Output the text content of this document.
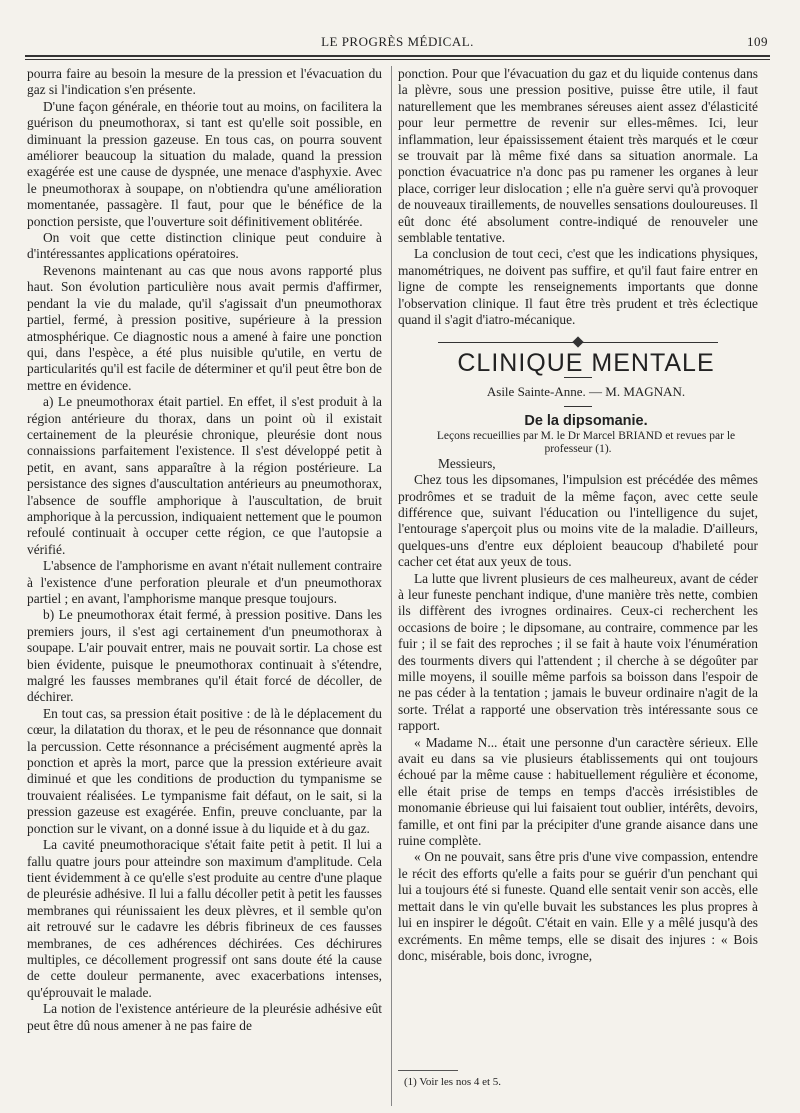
LE PROGRÈS MÉDICAL.	109

pourra faire au besoin la mesure de la pression et l'évacuation du gaz si l'indication s'en présente.

D'une façon générale, en théorie tout au moins, on facilitera la guérison du pneumothorax, si tant est qu'elle soit possible, en diminuant la pression gazeuse. En tous cas, on pourra souvent améliorer beaucoup la situation du malade, quand la pression exagérée est une cause de dyspnée, une menace d'asphyxie. Avec le pneumothorax à soupape, on n'obtiendra qu'une amélioration momentanée, passagère. Il faut, pour que le bénéfice de la ponction persiste, que l'ouverture soit définitivement oblitérée.

On voit que cette distinction clinique peut conduire à d'intéressantes applications opératoires.

Revenons maintenant au cas que nous avons rapporté plus haut. Son évolution particulière nous avait permis d'affirmer, pendant la vie du malade, qu'il s'agissait d'un pneumothorax partiel, fermé, à pression positive, supérieure à la pression atmosphérique. Ce diagnostic nous a amené à faire une ponction qui, dans l'espèce, a été plus nuisible qu'utile, en vertu de particularités qu'il est facile de déterminer et qu'il peut être bon de mettre en évidence.

a) Le pneumothorax était partiel. En effet, il s'est produit à la région antérieure du thorax, dans un point où il existait certainement de la pleurésie chronique, pleurésie dont nous connaissions parfaitement l'existence. Il s'est développé petit à petit, en avant, sans apparaître à la région postérieure. La persistance des signes d'auscultation antérieurs au pneumothorax, l'absence de souffle amphorique à l'auscultation, de bruit amphorique à la percussion, indiquaient nettement que le poumon refoulé continuait à occuper cette région, ce que l'autopsie a vérifié.

L'absence de l'amphorisme en avant n'était nullement contraire à l'existence d'une perforation pleurale et d'un pneumothorax partiel ; en avant, l'amphorisme manque presque toujours.

b) Le pneumothorax était fermé, à pression positive. Dans les premiers jours, il s'est agi certainement d'un pneumothorax à soupape. L'air pouvait entrer, mais ne pouvait sortir. La chose est bien évidente, puisque le pneumothorax continuait à s'étendre, malgré les fausses membranes qu'il était forcé de décoller, de déchirer.

En tout cas, sa pression était positive : de là le déplacement du cœur, la dilatation du thorax, et le peu de résonnance que donnait la percussion. Cette résonnance a précisément augmenté après la ponction et après la mort, parce que la pression extérieure avait diminué et que les conditions de production du tympanisme se trouvaient réalisées. Le tympanisme fait défaut, on le sait, si la pression gazeuse est exagérée. Enfin, preuve concluante, par la ponction sur le vivant, on a donné issue à du liquide et à du gaz.

La cavité pneumothoracique s'était faite petit à petit. Il lui a fallu quatre jours pour atteindre son maximum d'amplitude. Cela tient évidemment à ce qu'elle s'est produite au centre d'une plaque de pleurésie adhésive. Il lui a fallu décoller petit à petit les fausses membranes qui réunissaient les deux plèvres, et il semble qu'on ait retrouvé sur le cadavre les débris fibrineux de ces fausses membranes, de ces adhérences déchirées. Ces déchirures multiples, ce décollement progressif ont sans doute été la cause de cette douleur permanente, avec exacerbations intenses, qu'éprouvait le malade.

La notion de l'existence antérieure de la pleurésie adhésive eût peut être dû nous amener à ne pas faire de

ponction. Pour que l'évacuation du gaz et du liquide contenus dans la plèvre, sous une pression positive, puisse être utile, il faut naturellement que les membranes séreuses aient assez d'élasticité pour leur permettre de revenir sur elles-mêmes. Ici, leur inflammation, leur épaississement étaient très marqués et le cœur se trouvait par là même fixé dans sa situation anormale. La ponction évacuatrice n'a donc pas pu ramener les organes à leur place, corriger leur dislocation ; elle n'a guère servi qu'à provoquer de nouveaux tiraillements, de nouvelles sensations douloureuses. Il eût donc été absolument contre-indiqué de renouveler une semblable tentative.

La conclusion de tout ceci, c'est que les indications physiques, manométriques, ne doivent pas suffire, et qu'il faut faire entrer en ligne de compte les renseignements importants que donne l'observation clinique. Il faut être très prudent et très éclectique quand il s'agit d'iatro-mécanique.

CLINIQUE MENTALE

Asile Sainte-Anne. — M. MAGNAN.

De la dipsomanie.

Leçons recueillies par M. le Dr Marcel BRIAND et revues par le professeur (1).

Messieurs,

Chez tous les dipsomanes, l'impulsion est précédée des mêmes prodrômes et se traduit de la même façon, avec cette seule différence que, suivant l'éducation ou l'intelligence du sujet, l'entourage s'aperçoit plus ou moins vite de la maladie. D'ailleurs, quelques-uns d'entre eux déploient beaucoup d'habileté pour cacher cet état aux yeux de tous.

La lutte que livrent plusieurs de ces malheureux, avant de céder à leur funeste penchant indique, d'une manière très nette, combien ils diffèrent des ivrognes ordinaires. Ceux-ci recherchent les occasions de boire ; le dipsomane, au contraire, commence par les fuir ; il se fait des reproches ; il se fait à haute voix l'énumération des tourments divers qui l'attendent ; il cherche à se dégoûter par mille moyens, il souille même parfois sa boisson dans l'espoir de ne pas céder à la tentation ; jamais le buveur ordinaire n'agit de la sorte. Trélat a rapporté une observation très intéressante sous ce rapport.

« Madame N... était une personne d'un caractère sérieux. Elle avait eu dans sa vie plusieurs établissements qui ont toujours échoué par la même cause : habituellement régulière et économe, elle était prise de temps en temps d'accès irrésistibles de monomanie ébrieuse qui lui faisaient tout oublier, intérêts, devoirs, famille, et ont fini par la précipiter d'une grande aisance dans une ruine complète.

« On ne pouvait, sans être pris d'une vive compassion, entendre le récit des efforts qu'elle a faits pour se guérir d'un penchant qui lui a toujours été si funeste. Quand elle sentait venir son accès, elle mettait dans le vin qu'elle buvait les substances les plus propres à lui en inspirer le dégoût. C'était en vain. Elle y a mêlé jusqu'à des excréments. En même temps, elle se disait des injures : « Bois donc, misérable, bois donc, ivrogne,

(1) Voir les nos 4 et 5.
